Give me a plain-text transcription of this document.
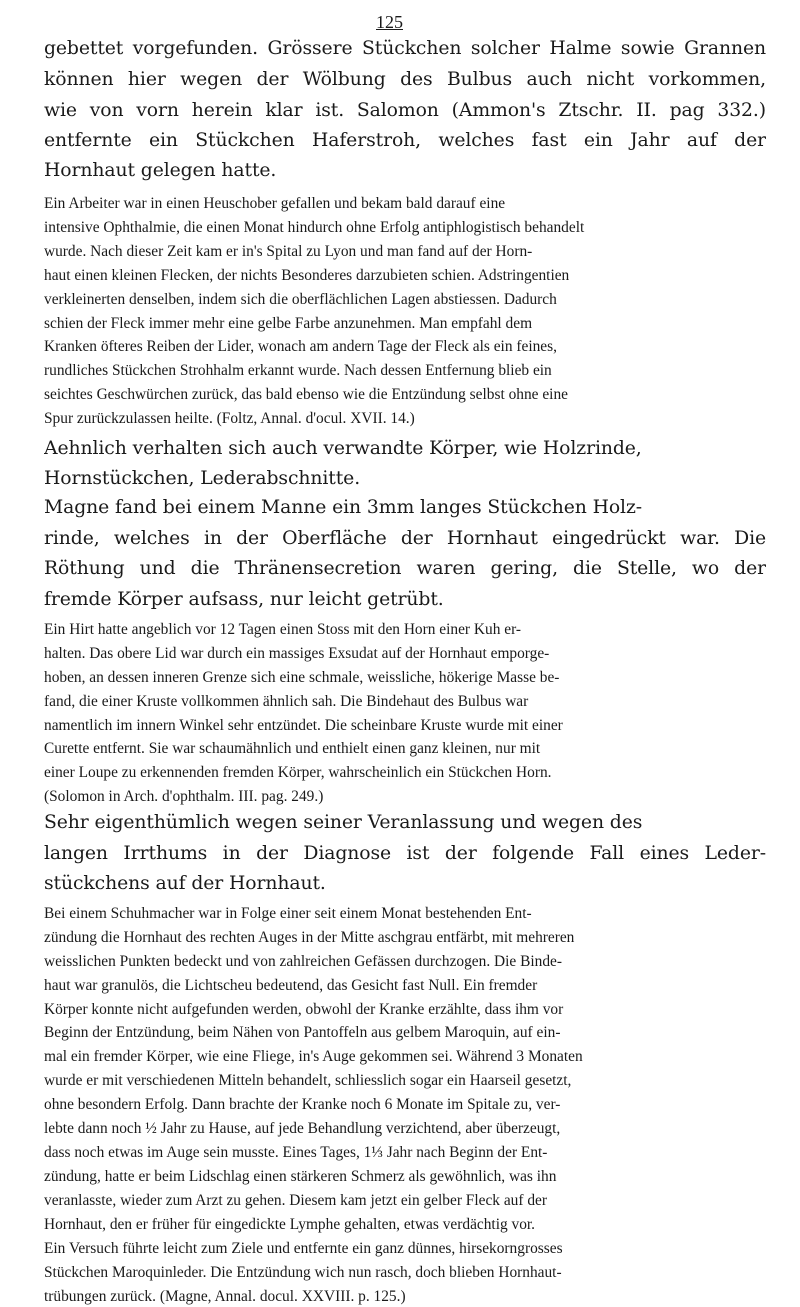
125
gebettet vorgefunden. Grössere Stückchen solcher Halme sowie Grannen
können hier wegen der Wölbung des Bulbus auch nicht vorkommen,
wie von vorn herein klar ist. Salomon (Ammon's Ztschr. II. pag 332.)
entfernte ein Stückchen Haferstroh, welches fast ein Jahr auf der
Hornhaut gelegen hatte.
Ein Arbeiter war in einen Heuschober gefallen und bekam bald darauf eine
intensive Ophthalmie, die einen Monat hindurch ohne Erfolg antiphlogistisch behandelt
wurde. Nach dieser Zeit kam er in's Spital zu Lyon und man fand auf der Horn-
haut einen kleinen Flecken, der nichts Besonderes darzubieten schien. Adstringentien
verkleinerten denselben, indem sich die oberflächlichen Lagen abstiessen. Dadurch
schien der Fleck immer mehr eine gelbe Farbe anzunehmen. Man empfahl dem
Kranken öfteres Reiben der Lider, wonach am andern Tage der Fleck als ein feines,
rundliches Stückchen Strohhalm erkannt wurde. Nach dessen Entfernung blieb ein
seichtes Geschwürchen zurück, das bald ebenso wie die Entzündung selbst ohne eine
Spur zurückzulassen heilte. (Foltz, Annal. d'ocul. XVII. 14.)
Aehnlich verhalten sich auch verwandte Körper, wie Holzrinde,
Hornstückchen, Lederabschnitte.
Magne fand bei einem Manne ein 3mm langes Stückchen Holz-
rinde, welches in der Oberfläche der Hornhaut eingedrückt war. Die
Röthung und die Thränensecretion waren gering, die Stelle, wo der
fremde Körper aufsass, nur leicht getrübt.
Ein Hirt hatte angeblich vor 12 Tagen einen Stoss mit den Horn einer Kuh er-
halten. Das obere Lid war durch ein massiges Exsudat auf der Hornhaut emporge-
hoben, an dessen inneren Grenze sich eine schmale, weissliche, hökerige Masse be-
fand, die einer Kruste vollkommen ähnlich sah. Die Bindehaut des Bulbus war
namentlich im innern Winkel sehr entzündet. Die scheinbare Kruste wurde mit einer
Curette entfernt. Sie war schaumähnlich und enthielt einen ganz kleinen, nur mit
einer Loupe zu erkennenden fremden Körper, wahrscheinlich ein Stückchen Horn.
(Solomon in Arch. d'ophthalm. III. pag. 249.)
Sehr eigenthümlich wegen seiner Veranlassung und wegen des
langen Irrthums in der Diagnose ist der folgende Fall eines Leder-
stückchens auf der Hornhaut.
Bei einem Schuhmacher war in Folge einer seit einem Monat bestehenden Ent-
zündung die Hornhaut des rechten Auges in der Mitte aschgrau entfärbt, mit mehreren
weisslichen Punkten bedeckt und von zahlreichen Gefässen durchzogen. Die Binde-
haut war granulös, die Lichtscheu bedeutend, das Gesicht fast Null. Ein fremder
Körper konnte nicht aufgefunden werden, obwohl der Kranke erzählte, dass ihm vor
Beginn der Entzündung, beim Nähen von Pantoffeln aus gelbem Maroquin, auf ein-
mal ein fremder Körper, wie eine Fliege, in's Auge gekommen sei. Während 3 Monaten
wurde er mit verschiedenen Mitteln behandelt, schliesslich sogar ein Haarseil gesetzt,
ohne besondern Erfolg. Dann brachte der Kranke noch 6 Monate im Spitale zu, ver-
lebte dann noch ½ Jahr zu Hause, auf jede Behandlung verzichtend, aber überzeugt,
dass noch etwas im Auge sein musste. Eines Tages, 1⅓ Jahr nach Beginn der Ent-
zündung, hatte er beim Lidschlag einen stärkeren Schmerz als gewöhnlich, was ihn
veranlasste, wieder zum Arzt zu gehen. Diesem kam jetzt ein gelber Fleck auf der
Hornhaut, den er früher für eingedickte Lymphe gehalten, etwas verdächtig vor.
Ein Versuch führte leicht zum Ziele und entfernte ein ganz dünnes, hirsekorngrosses
Stückchen Maroquinleder. Die Entzündung wich nun rasch, doch blieben Hornhaut-
trübungen zurück. (Magne, Annal. docul. XXVIII. p. 125.)
